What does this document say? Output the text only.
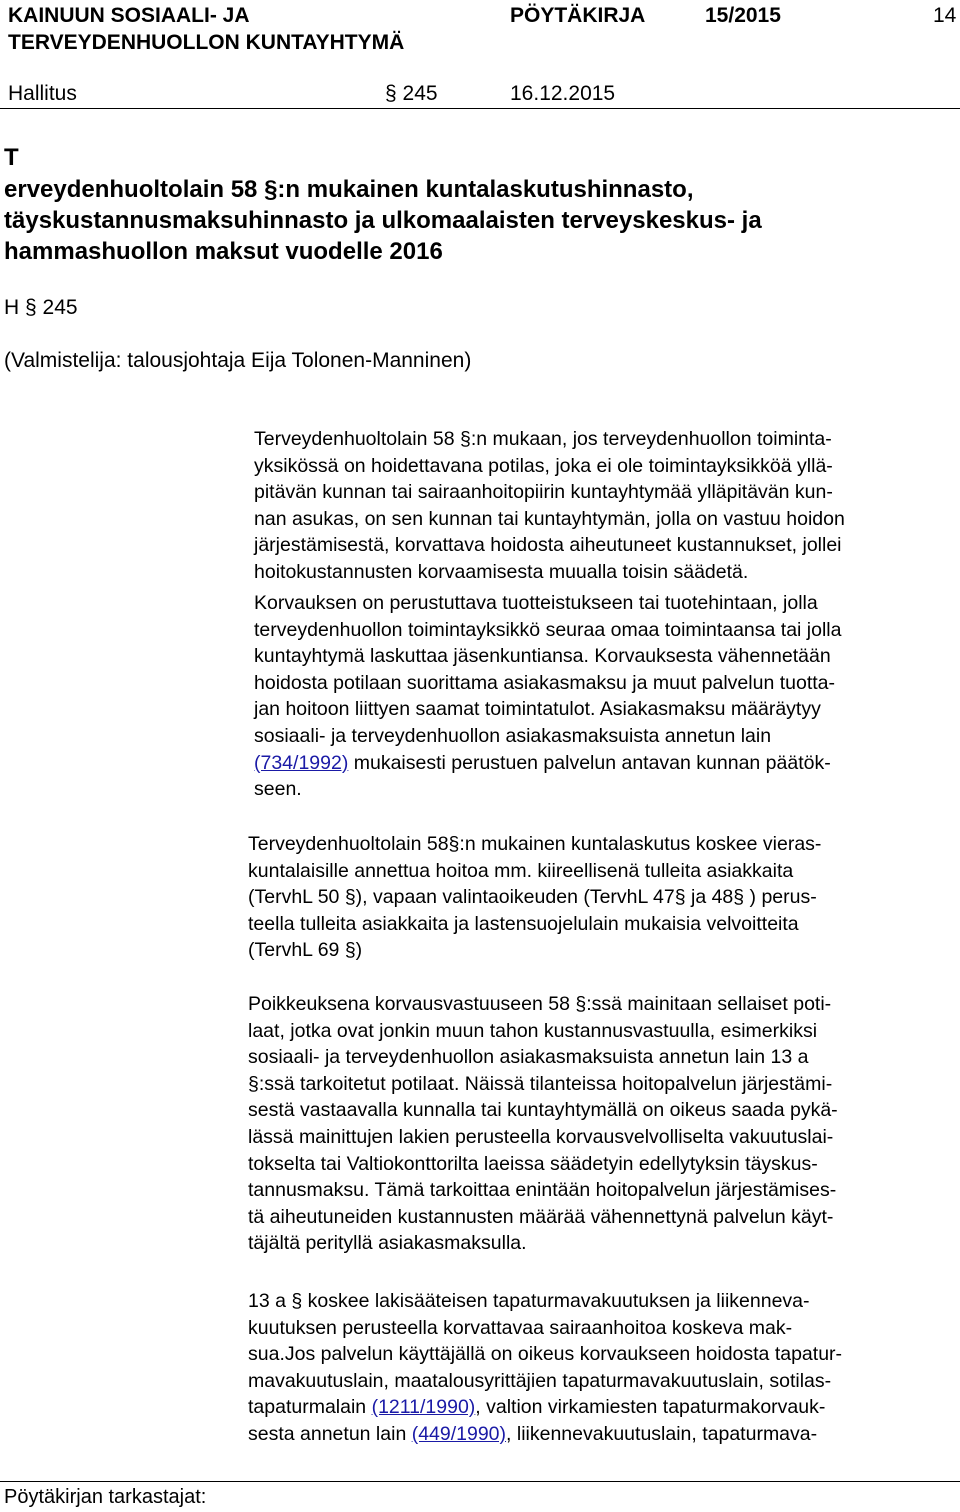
KAINUUN SOSIAALI- JA
TERVEYDENHUOLLON KUNTAYHTYMÄ
PÖYTÄKIRJA	15/2015	14
Hallitus	§ 245	16.12.2015
T
erveydenhuoltolain 58 §:n mukainen kuntalaskutushinnasto,
täyskustannusmaksuhinnasto ja ulkomaalaisten terveyskeskus- ja
hammashuollon maksut vuodelle 2016
H § 245
(Valmistelija: talousjohtaja Eija Tolonen-Manninen)
Terveydenhuoltolain 58 §:n mukaan, jos terveydenhuollon toiminta-
yksikössä on hoidettavana potilas, joka ei ole toimintayksikköä yllä-
pitävän kunnan tai sairaanhoitopiirin kuntayhtymää ylläpitävän kun-
nan asukas, on sen kunnan tai kuntayhtymän, jolla on vastuu hoidon
järjestämisestä, korvattava hoidosta aiheutuneet kustannukset, jollei
hoitokustannusten korvaamisesta muualla toisin säädetä.
Korvauksen on perustuttava tuotteistukseen tai tuotehintaan, jolla
terveydenhuollon toimintayksikkö seuraa omaa toimintaansa tai jolla
kuntayhtymä laskuttaa jäsenkuntiansa. Korvauksesta vähennetään
hoidosta potilaan suorittama asiakasmaksu ja muut palvelun tuotta-
jan hoitoon liittyen saamat toimintatulot. Asiakasmaksu määräytyy
sosiaali- ja terveydenhuollon asiakasmaksuista annetun lain
(734/1992) mukaisesti perustuen palvelun antavan kunnan päätök-
seen.
Terveydenhuoltolain 58§:n mukainen kuntalaskutus koskee vieras-
kuntalaisille annettua hoitoa mm. kiireellisenä tulleita asiakkaita
(TervhL 50 §), vapaan valintaoikeuden (TervhL 47§ ja 48§ ) perus-
teella tulleita asiakkaita ja lastensuojelulain mukaisia velvoitteita
(TervhL 69 §)
Poikkeuksena korvausvastuuseen 58 §:ssä mainitaan sellaiset poti-
laat, jotka ovat jonkin muun tahon kustannusvastuulla, esimerkiksi
sosiaali- ja terveydenhuollon asiakasmaksuista annetun lain 13 a
§:ssä tarkoitetut potilaat. Näissä tilanteissa hoitopalvelun järjestämi-
sestä vastaavalla kunnalla tai kuntayhtymällä on oikeus saada pykä-
lässä mainittujen lakien perusteella korvausvelvolliselta vakuutuslai-
tokselta tai Valtiokonttorilta laeissa säädetyin edellytyksin täyskus-
tannusmaksu. Tämä tarkoittaa enintään hoitopalvelun järjestämises-
tä aiheutuneiden kustannusten määrää vähennettynä palvelun käyt-
täjältä perityllä asiakasmaksulla.
13 a § koskee lakisääteisen tapaturmavakuutuksen ja liikenneva-
kuutuksen perusteella korvattavaa sairaanhoitoa koskeva mak-
sua.Jos palvelun käyttäjällä on oikeus korvaukseen hoidosta tapatur-
mavakuutuslain, maatalousyrittäjien tapaturmavakuutuslain, sotilas-
tapaturmalain (1211/1990), valtion virkamiesten tapaturmakorvauk-
sesta annetun lain (449/1990), liikennevakuutuslain, tapaturmava-
Pöytäkirjan tarkastajat:
